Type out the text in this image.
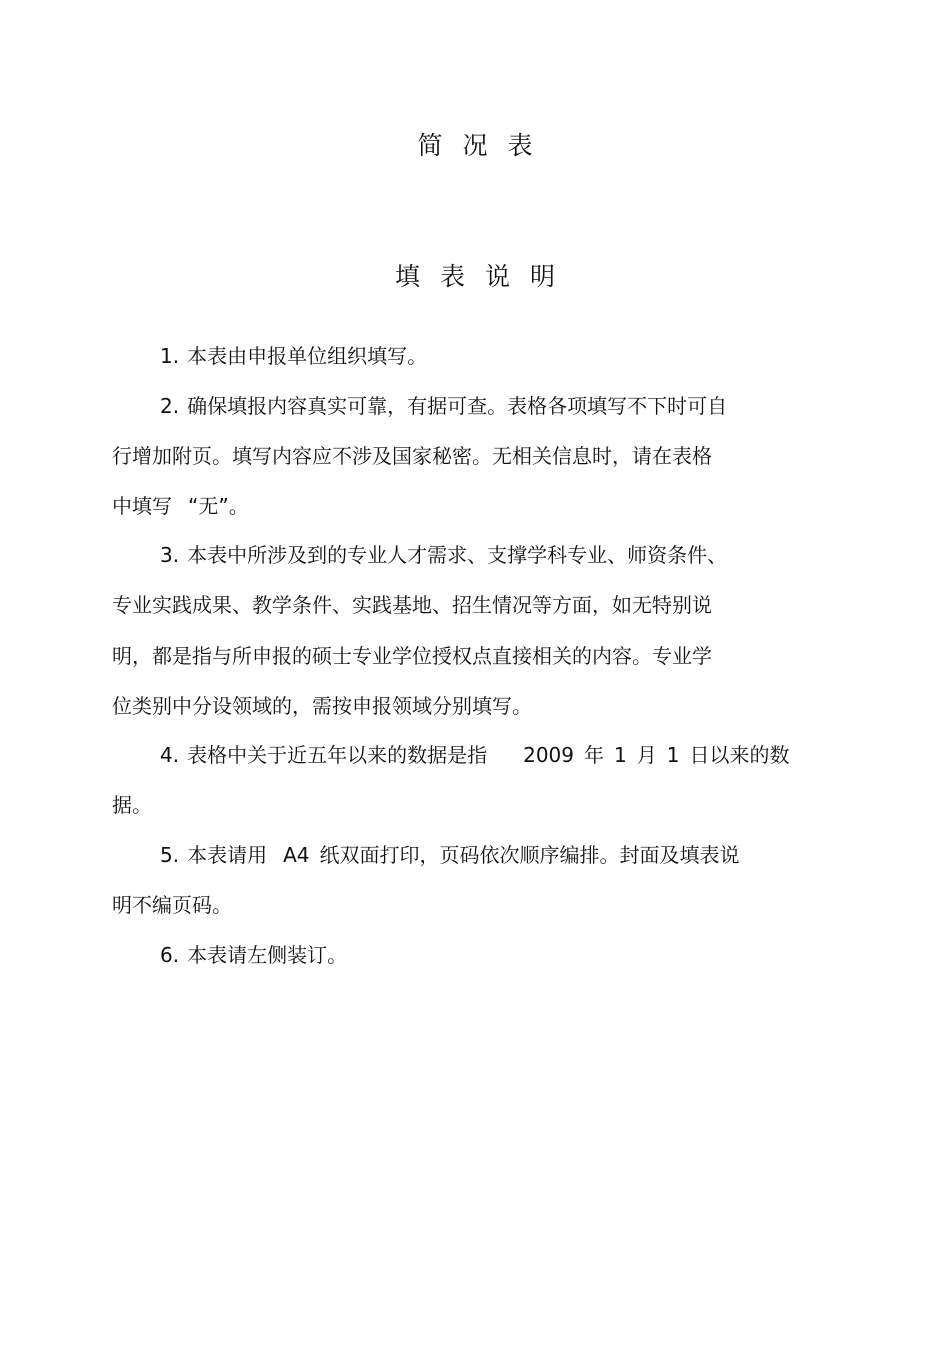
简况表
填表说明
1. 本表由申报单位组织填写。
2. 确保填报内容真实可靠，有据可查。表格各项填写不下时可自
行增加附页。填写内容应不涉及国家秘密。无相关信息时，请在表格
中填写 “无”。
3. 本表中所涉及到的专业人才需求、支撑学科专业、师资条件、
专业实践成果、教学条件、实践基地、招生情况等方面，如无特别说
明，都是指与所申报的硕士专业学位授权点直接相关的内容。专业学
位类别中分设领域的，需按申报领域分别填写。
4. 表格中关于近五年以来的数据是指 2009 年 1 月 1 日以来的数
据。
5. 本表请用 A4 纸双面打印，页码依次顺序编排。封面及填表说
明不编页码。
6. 本表请左侧装订。
